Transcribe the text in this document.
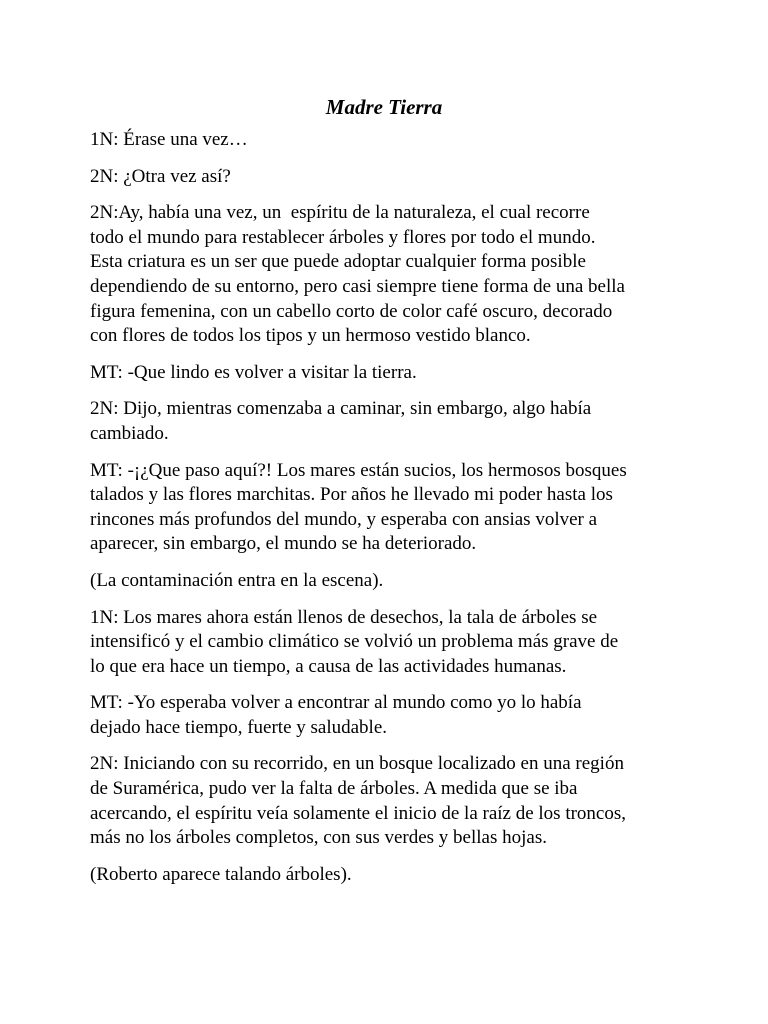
Madre Tierra

1N: Érase una vez…

2N: ¿Otra vez así?

2N:Ay, había una vez, un  espíritu de la naturaleza, el cual recorre
todo el mundo para restablecer árboles y flores por todo el mundo.
Esta criatura es un ser que puede adoptar cualquier forma posible
dependiendo de su entorno, pero casi siempre tiene forma de una bella
figura femenina, con un cabello corto de color café oscuro, decorado
con flores de todos los tipos y un hermoso vestido blanco.

MT: -Que lindo es volver a visitar la tierra.

2N: Dijo, mientras comenzaba a caminar, sin embargo, algo había
cambiado.

MT: -¡¿Que paso aquí?! Los mares están sucios, los hermosos bosques
talados y las flores marchitas. Por años he llevado mi poder hasta los
rincones más profundos del mundo, y esperaba con ansias volver a
aparecer, sin embargo, el mundo se ha deteriorado.

(La contaminación entra en la escena).

1N: Los mares ahora están llenos de desechos, la tala de árboles se
intensificó y el cambio climático se volvió un problema más grave de
lo que era hace un tiempo, a causa de las actividades humanas.

MT: -Yo esperaba volver a encontrar al mundo como yo lo había
dejado hace tiempo, fuerte y saludable.

2N: Iniciando con su recorrido, en un bosque localizado en una región
de Suramérica, pudo ver la falta de árboles. A medida que se iba
acercando, el espíritu veía solamente el inicio de la raíz de los troncos,
más no los árboles completos, con sus verdes y bellas hojas.

(Roberto aparece talando árboles).
